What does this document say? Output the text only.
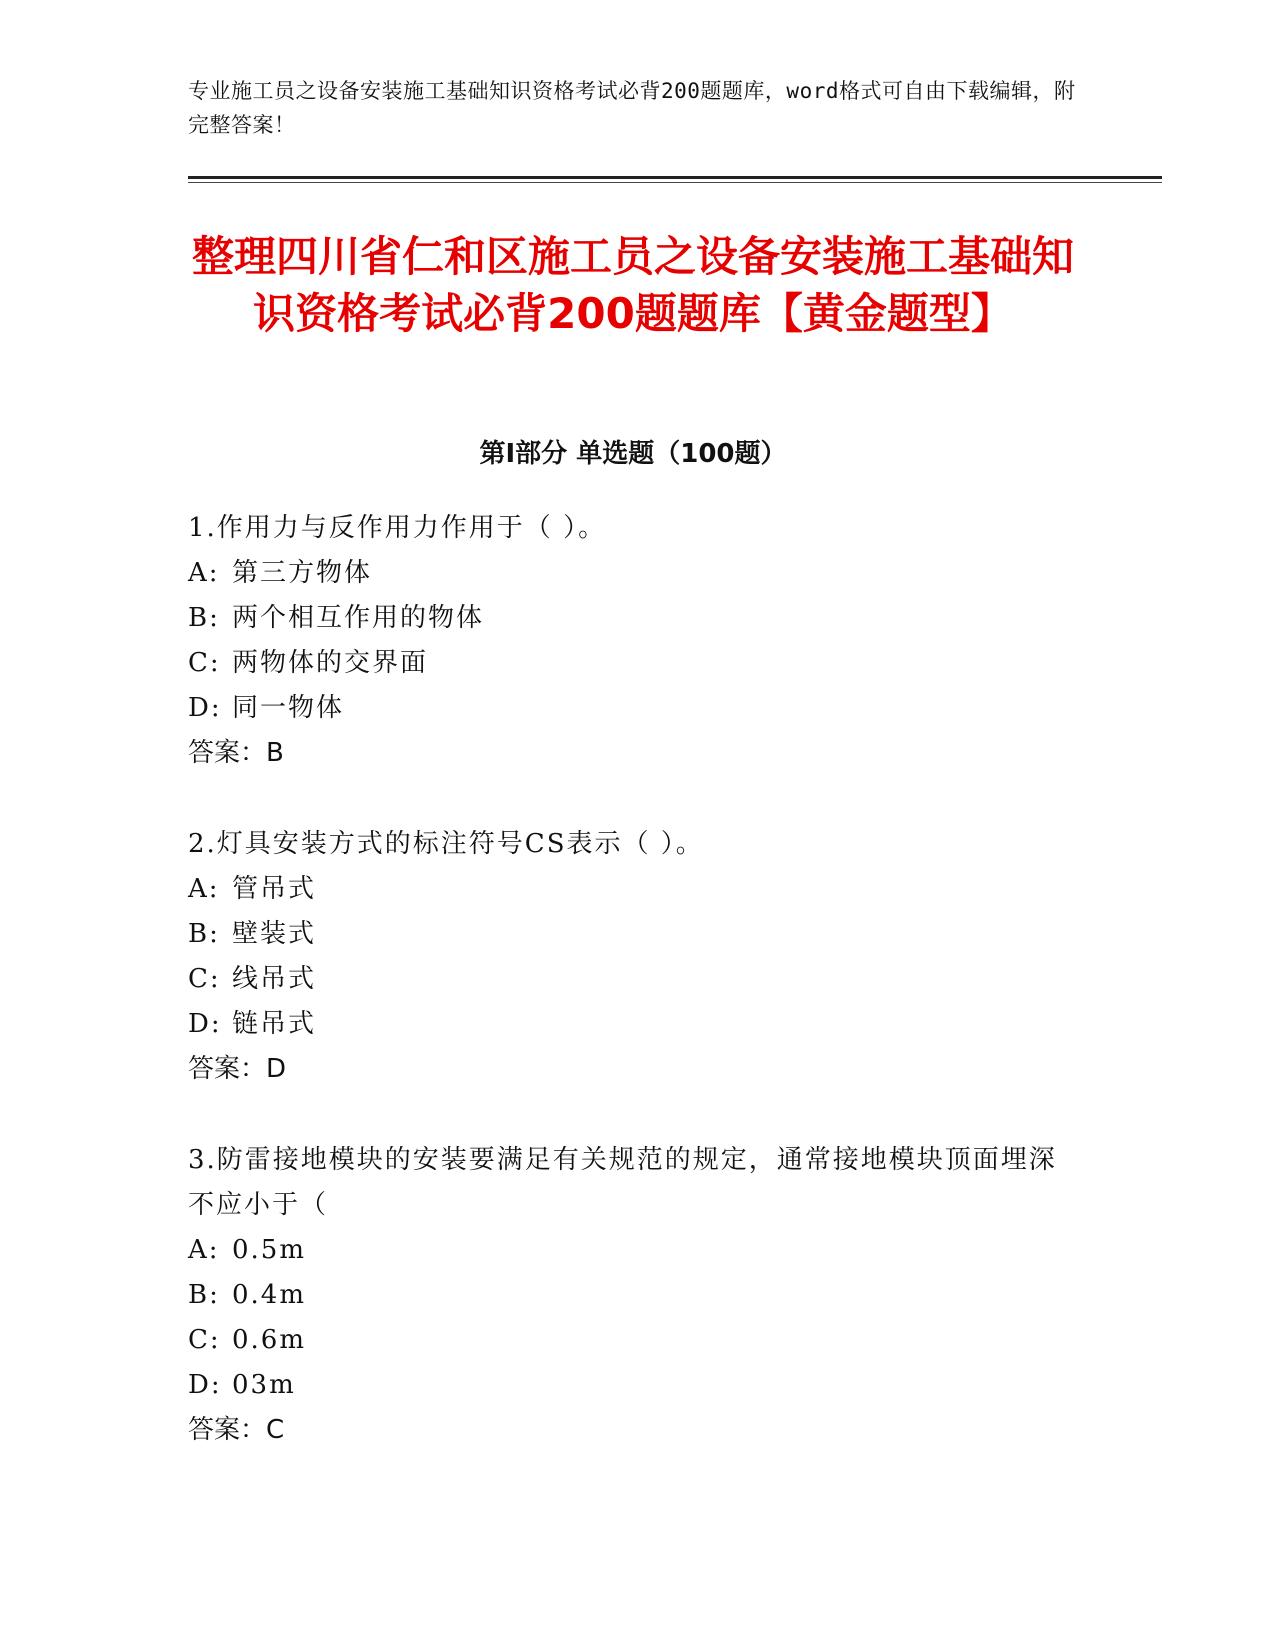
专业施工员之设备安装施工基础知识资格考试必背200题题库，word格式可自由下载编辑，附完整答案！
整理四川省仁和区施工员之设备安装施工基础知识资格考试必背200题题库【黄金题型】
第Ⅰ部分 单选题（100题）
1.作用力与反作用力作用于（ ）。
A: 第三方物体
B: 两个相互作用的物体
C: 两物体的交界面
D: 同一物体
答案：B
2.灯具安装方式的标注符号CS表示（ ）。
A: 管吊式
B: 壁装式
C: 线吊式
D: 链吊式
答案：D
3.防雷接地模块的安装要满足有关规范的规定，通常接地模块顶面埋深不应小于（
A: 0.5m
B: 0.4m
C: 0.6m
D: 03m
答案：C
